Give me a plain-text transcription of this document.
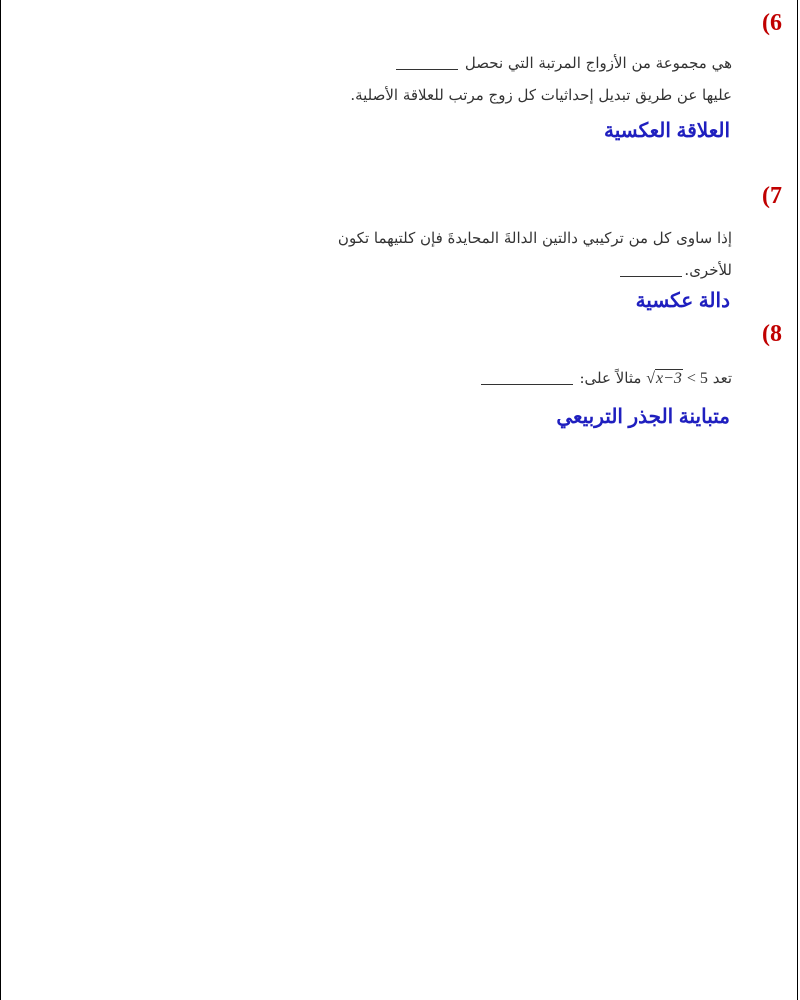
(6
هي مجموعة من الأزواج المرتبة التي نحصل
عليها عن طريق تبديل إحداثيات كل زوج مرتب للعلاقة الأصلية.
العلاقة العكسية
(7
إذا ساوى كل من تركيبي دالتين الدالةَ المحايدةَ فإن كلتيهما تكون
للأخرى.
دالة عكسية
(8
تعد √x−3 < 5 مثالاً على:
متباينة الجذر التربيعي
